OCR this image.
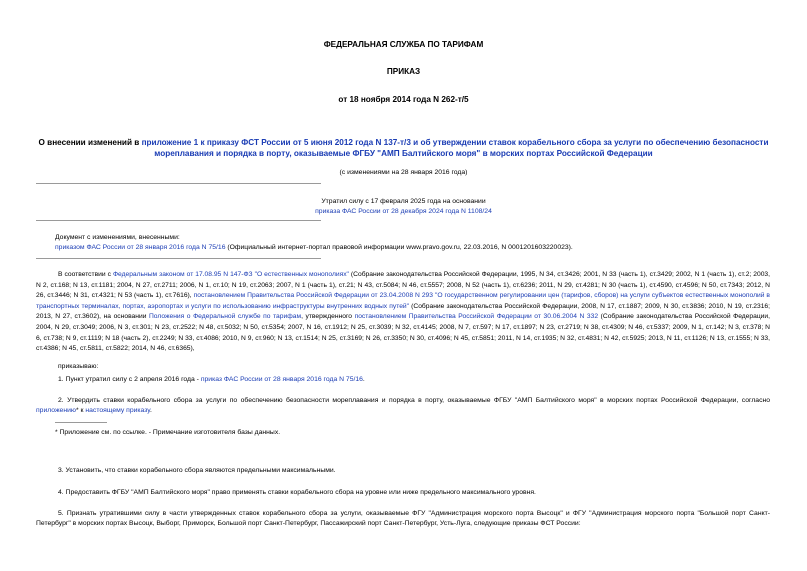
ФЕДЕРАЛЬНАЯ СЛУЖБА ПО ТАРИФАМ
ПРИКАЗ
от 18 ноября 2014 года N 262-т/5
О внесении изменений в приложение 1 к приказу ФСТ России от 5 июня 2012 года N 137-т/3 и об утверждении ставок корабельного сбора за услуги по обеспечению безопасности мореплавания и порядка в порту, оказываемые ФГБУ "АМП Балтийского моря" в морских портах Российской Федерации
(с изменениями на 28 января 2016 года)
Утратил силу с 17 февраля 2025 года на основании
приказа ФАС России от 28 декабря 2024 года N 1108/24
Документ с изменениями, внесенными:
приказом ФАС России от 28 января 2016 года N 75/16 (Официальный интернет-портал правовой информации www.pravo.gov.ru, 22.03.2016, N 0001201603220023).
В соответствии с Федеральным законом от 17.08.95 N 147-ФЗ "О естественных монополиях" (Собрание законодательства Российской Федерации, 1995, N 34, ст.3426; 2001, N 33 (часть 1), ст.3429; 2002, N 1 (часть 1), ст.2; 2003, N 2, ст.168; N 13, ст.1181; 2004, N 27, ст.2711; 2006, N 1, ст.10; N 19, ст.2063; 2007, N 1 (часть 1), ст.21; N 43, ст.5084; N 46, ст.5557; 2008, N 52 (часть 1), ст.6236; 2011, N 29, ст.4281; N 30 (часть 1), ст.4590, ст.4596; N 50, ст.7343; 2012, N 26, ст.3446; N 31, ст.4321; N 53 (часть 1), ст.7616), постановлением Правительства Российской Федерации от 23.04.2008 N 293 "О государственном регулировании цен (тарифов, сборов) на услуги субъектов естественных монополий в транспортных терминалах, портах, аэропортах и услуги по использованию инфраструктуры внутренних водных путей" (Собрание законодательства Российской Федерации, 2008, N 17, ст.1887; 2009, N 30, ст.3836; 2010, N 19, ст.2316; 2013, N 27, ст.3602), на основании Положения о Федеральной службе по тарифам, утвержденного постановлением Правительства Российской Федерации от 30.06.2004 N 332 (Собрание законодательства Российской Федерации, 2004, N 29, ст.3049; 2006, N 3, ст.301; N 23, ст.2522; N 48, ст.5032; N 50, ст.5354; 2007, N 16, ст.1912; N 25, ст.3039; N 32, ст.4145; 2008, N 7, ст.597; N 17, ст.1897; N 23, ст.2719; N 38, ст.4309; N 46, ст.5337; 2009, N 1, ст.142; N 3, ст.378; N 6, ст.738; N 9, ст.1119; N 18 (часть 2), ст.2249; N 33, ст.4086; 2010, N 9, ст.960; N 13, ст.1514; N 25, ст.3169; N 26, ст.3350; N 30, ст.4096; N 45, ст.5851; 2011, N 14, ст.1935; N 32, ст.4831; N 42, ст.5925; 2013, N 11, ст.1126; N 13, ст.1555; N 33, ст.4386; N 45, ст.5811, ст.5822; 2014, N 46, ст.6365),
приказываю:
1. Пункт утратил силу с 2 апреля 2016 года - приказ ФАС России от 28 января 2016 года N 75/16.
2. Утвердить ставки корабельного сбора за услуги по обеспечению безопасности мореплавания и порядка в порту, оказываемые ФГБУ "АМП Балтийского моря" в морских портах Российской Федерации, согласно приложению* к настоящему приказу.
* Приложение см. по ссылке. - Примечание изготовителя базы данных.
3. Установить, что ставки корабельного сбора являются предельными максимальными.
4. Предоставить ФГБУ "АМП Балтийского моря" право применять ставки корабельного сбора на уровне или ниже предельного максимального уровня.
5. Признать утратившими силу в части утвержденных ставок корабельного сбора за услуги, оказываемые ФГУ "Администрация морского порта Высоцк" и ФГУ "Администрация морского порта "Большой порт Санкт-Петербург" в морских портах Высоцк, Выборг, Приморск, Большой порт Санкт-Петербург, Пассажирский порт Санкт-Петербург, Усть-Луга, следующие приказы ФСТ России:
